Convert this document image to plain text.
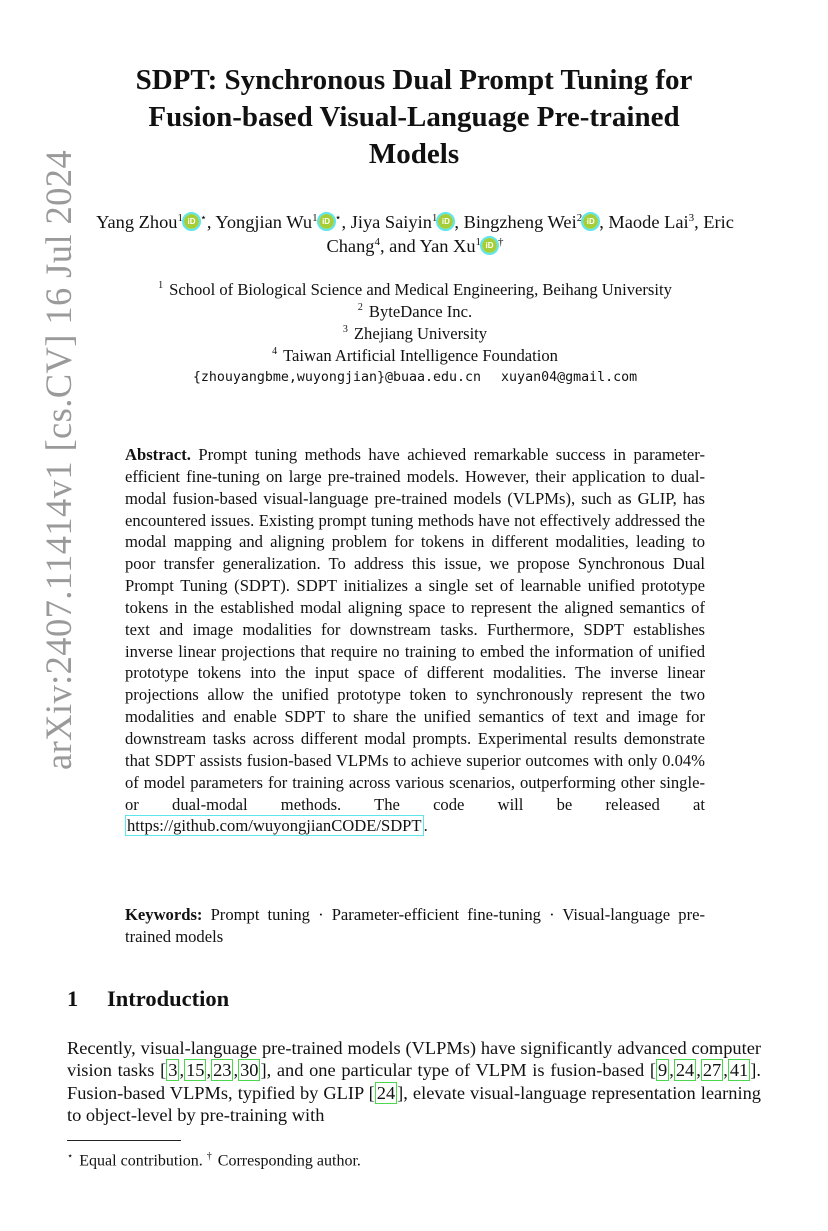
arXiv:2407.11414v1 [cs.CV] 16 Jul 2024
SDPT: Synchronous Dual Prompt Tuning for
Fusion-based Visual-Language Pre-trained
Models
Yang Zhou$^1$ iD ⋆, Yongjian Wu$^1$ iD ⋆, Jiya Saiyin$^1$ iD , Bingzheng Wei$^2$ iD , Maode Lai$^3$, Eric Chang$^4$, and Yan Xu$^1$ iD †
$^1$ School of Biological Science and Medical Engineering, Beihang University
$^2$ ByteDance Inc.
$^3$ Zhejiang University
$^4$ Taiwan Artificial Intelligence Foundation
{zhouyangbme,wuyongjian}@buaa.edu.cn xuyan04@gmail.com
Abstract. Prompt tuning methods have achieved remarkable success in parameter-efficient fine-tuning on large pre-trained models. However, their application to dual-modal fusion-based visual-language pre-trained models (VLPMs), such as GLIP, has encountered issues. Existing prompt tuning methods have not effectively addressed the modal mapping and aligning problem for tokens in different modalities, leading to poor transfer generalization. To address this issue, we propose Synchronous Dual Prompt Tuning (SDPT). SDPT initializes a single set of learnable unified prototype tokens in the established modal aligning space to represent the aligned semantics of text and image modalities for downstream tasks. Furthermore, SDPT establishes inverse linear projections that require no training to embed the information of unified prototype tokens into the input space of different modalities. The inverse linear projections allow the unified prototype token to synchronously represent the two modalities and enable SDPT to share the unified semantics of text and image for downstream tasks across different modal prompts. Experimental results demonstrate that SDPT assists fusion-based VLPMs to achieve superior outcomes with only 0.04% of model parameters for training across various scenarios, outperforming other single- or dual-modal methods. The code will be released at https://github.com/wuyongjianCODE/SDPT .
Keywords: Prompt tuning · Parameter-efficient fine-tuning · Visual-language pre-trained models
1 Introduction
Recently, visual-language pre-trained models (VLPMs) have significantly advanced computer vision tasks [ 3 , 15 , 23 , 30 ], and one particular type of VLPM is fusion-based [ 9 , 24 , 27 , 41 ]. Fusion-based VLPMs, typified by GLIP [ 24 ], elevate visual-language representation learning to object-level by pre-training with
⋆ Equal contribution. † Corresponding author.
